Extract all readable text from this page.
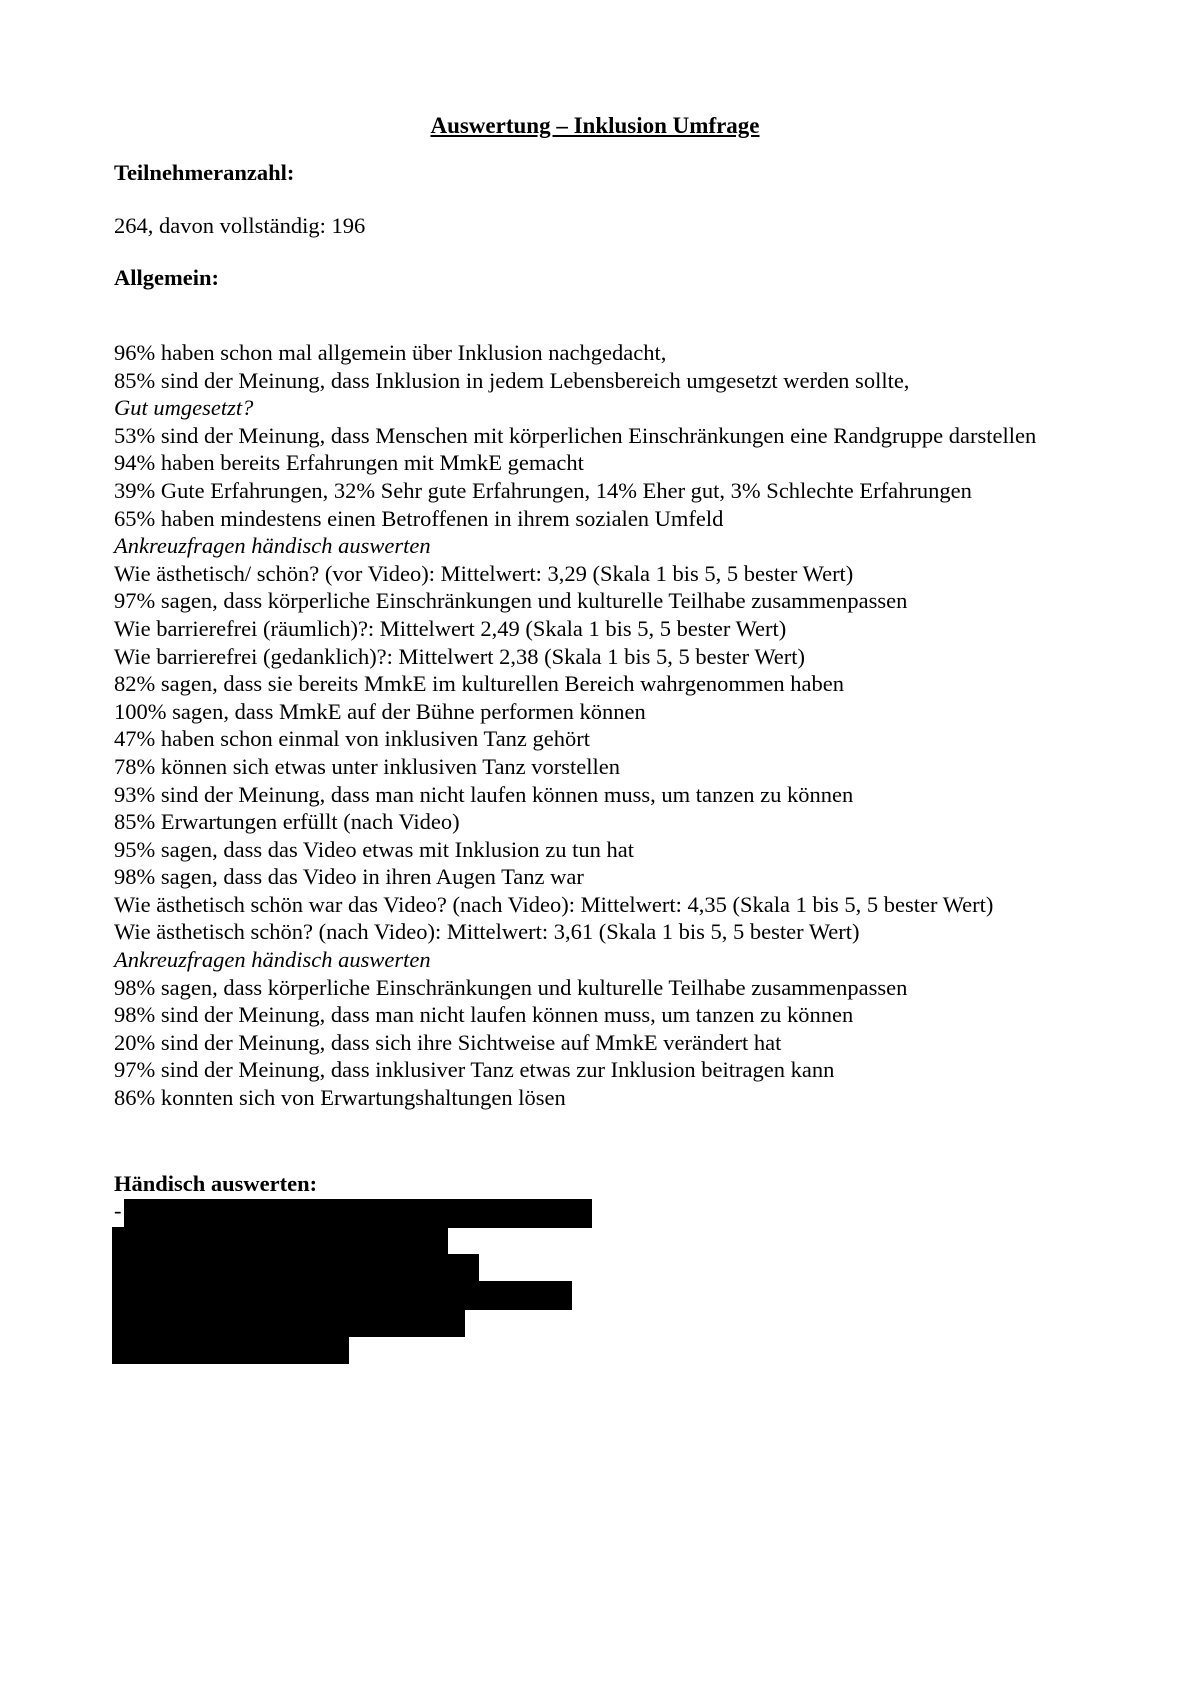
Auswertung – Inklusion Umfrage
Teilnehmeranzahl:
264, davon vollständig: 196
Allgemein:
96% haben schon mal allgemein über Inklusion nachgedacht,
85% sind der Meinung, dass Inklusion in jedem Lebensbereich umgesetzt werden sollte,
Gut umgesetzt?
53% sind der Meinung, dass Menschen mit körperlichen Einschränkungen eine Randgruppe darstellen
94% haben bereits Erfahrungen mit MmkE gemacht
39% Gute Erfahrungen, 32% Sehr gute Erfahrungen, 14% Eher gut, 3% Schlechte Erfahrungen
65% haben mindestens einen Betroffenen in ihrem sozialen Umfeld
Ankreuzfragen händisch auswerten
Wie ästhetisch/ schön? (vor Video): Mittelwert: 3,29 (Skala 1 bis 5, 5 bester Wert)
97% sagen, dass körperliche Einschränkungen und kulturelle Teilhabe zusammenpassen
Wie barrierefrei (räumlich)?: Mittelwert 2,49 (Skala 1 bis 5, 5 bester Wert)
Wie barrierefrei (gedanklich)?: Mittelwert 2,38 (Skala 1 bis 5, 5 bester Wert)
82% sagen, dass sie bereits MmkE im kulturellen Bereich wahrgenommen haben
100% sagen, dass MmkE auf der Bühne performen können
47% haben schon einmal von inklusiven Tanz gehört
78% können sich etwas unter inklusiven Tanz vorstellen
93% sind der Meinung, dass man nicht laufen können muss, um tanzen zu können
85% Erwartungen erfüllt (nach Video)
95% sagen, dass das Video etwas mit Inklusion zu tun hat
98% sagen, dass das Video in ihren Augen Tanz war
Wie ästhetisch schön war das Video? (nach Video): Mittelwert: 4,35 (Skala 1 bis 5, 5 bester Wert)
Wie ästhetisch schön? (nach Video): Mittelwert: 3,61 (Skala 1 bis 5, 5 bester Wert)
Ankreuzfragen händisch auswerten
98% sagen, dass körperliche Einschränkungen und kulturelle Teilhabe zusammenpassen
98% sind der Meinung, dass man nicht laufen können muss, um tanzen zu können
20% sind der Meinung, dass sich ihre Sichtweise auf MmkE verändert hat
97% sind der Meinung, dass inklusiver Tanz etwas zur Inklusion beitragen kann
86% konnten sich von Erwartungshaltungen lösen
Händisch auswerten:
-
